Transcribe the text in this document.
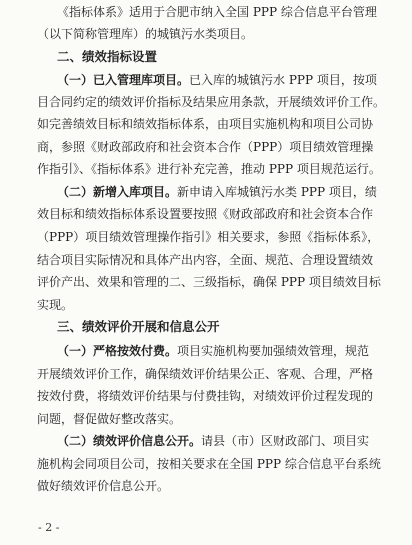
《指标体系》适用于合肥市纳入全国 PPP 综合信息平台管理
（以下简称管理库）的城镇污水类项目。
二、绩效指标设置
（一）已入管理库项目。已入库的城镇污水 PPP 项目，按项
目合同约定的绩效评价指标及结果应用条款，开展绩效评价工作。
如完善绩效目标和绩效指标体系，由项目实施机构和项目公司协
商，参照《财政部政府和社会资本合作（PPP）项目绩效管理操
作指引》、《指标体系》进行补充完善，推动 PPP 项目规范运行。
（二）新增入库项目。新申请入库城镇污水类 PPP 项目，绩
效目标和绩效指标体系设置要按照《财政部政府和社会资本合作
（PPP）项目绩效管理操作指引》相关要求，参照《指标体系》，
结合项目实际情况和具体产出内容，全面、规范、合理设置绩效
评价产出、效果和管理的二、三级指标，确保 PPP 项目绩效目标
实现。
三、绩效评价开展和信息公开
（一）严格按效付费。项目实施机构要加强绩效管理，规范
开展绩效评价工作，确保绩效评价结果公正、客观、合理，严格
按效付费，将绩效评价结果与付费挂钩，对绩效评价过程发现的
问题，督促做好整改落实。
（二）绩效评价信息公开。请县（市）区财政部门、项目实
施机构会同项目公司，按相关要求在全国 PPP 综合信息平台系统
做好绩效评价信息公开。
- 2 -
